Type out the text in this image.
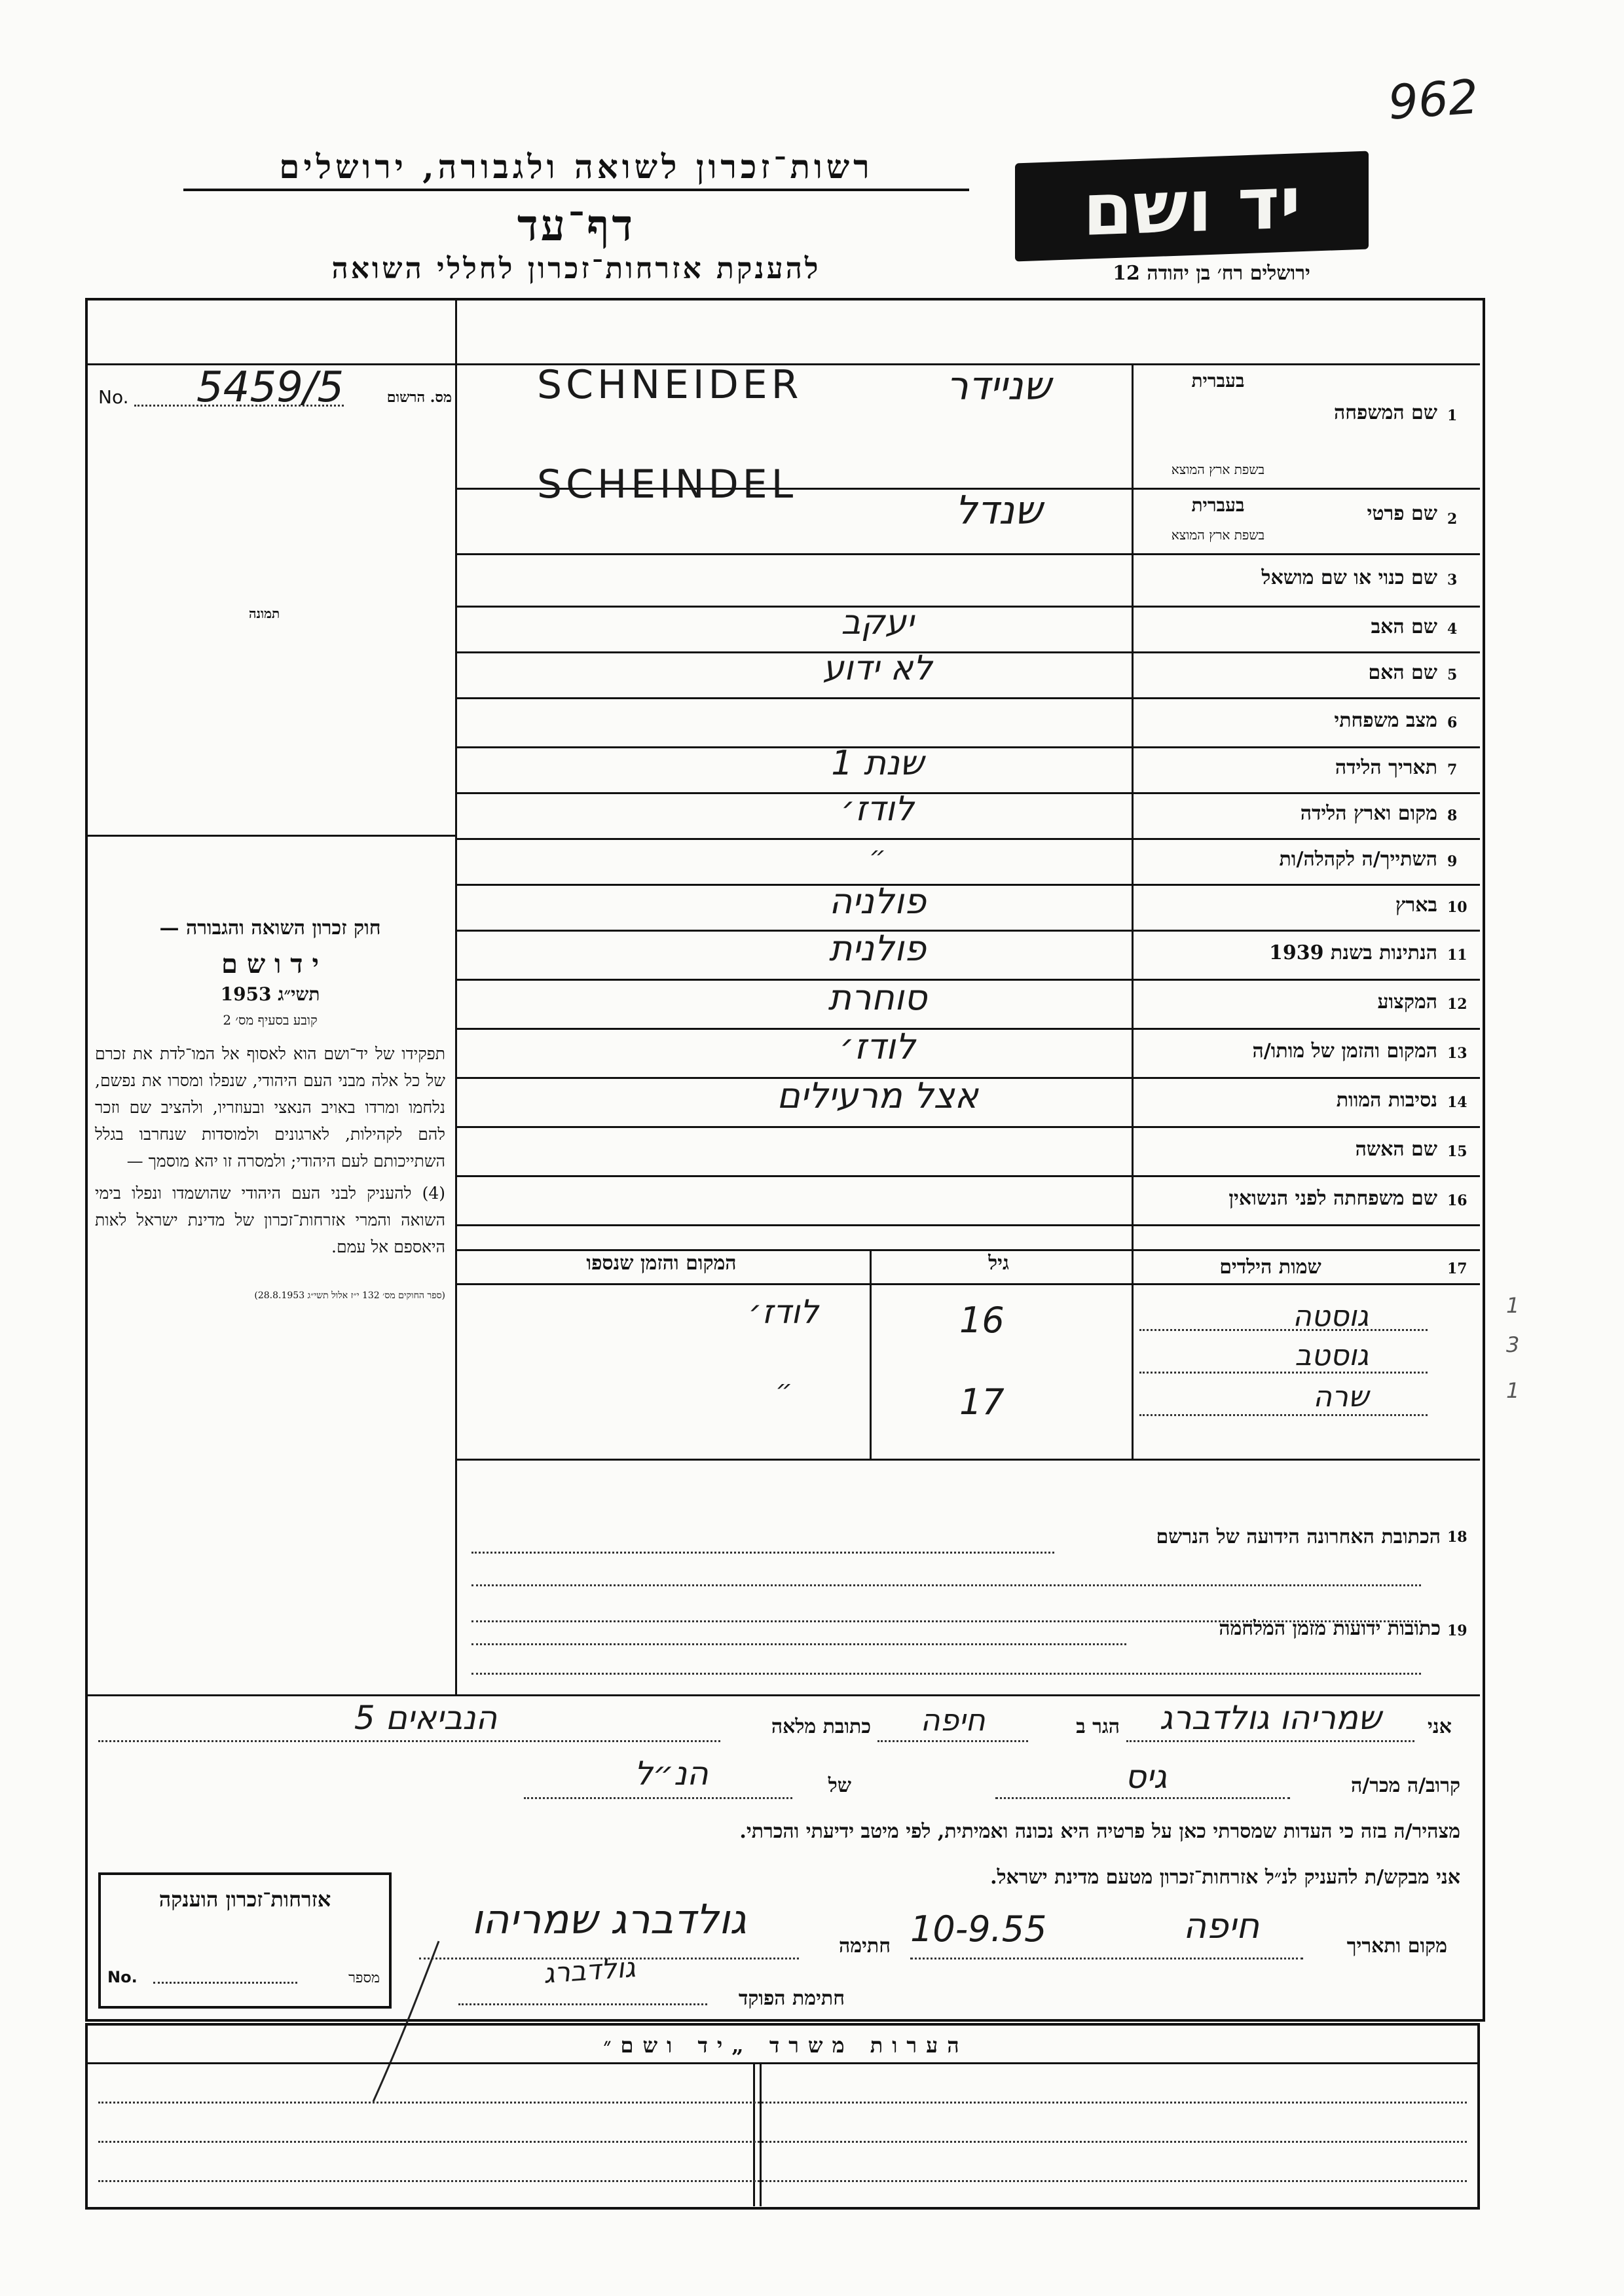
962
רשות־זכרון לשואה ולגבורה, ירושלים
דף־עד
להענקת אזרחות־זכרון לחללי השואה
יד ושם
ירושלים רח׳ בן יהודה 12
No. 5459/5	מס. הרשום
תמונה
חוק זכרון השואה והגבורה —
י ד ו ש ם
תשי״ג 1953
קובע בסעיף מס׳ 2
תפקידו של יד־ושם הוא לאסוף אל המו־לדת את זכרם של כל אלה מבני העם היהודי, שנפלו ומסרו את נפשם, נלחמו ומרדו באויב הנאצי ובעוזריו, ולהציב שם וזכר להם לקהילות, לארגונים ולמוסדות שנחרבו בגלל השתייכותם לעם היהודי; ולמסרה זו יהא מוסמך —
(4) להעניק לבני העם היהודי שהושמדו ונפלו בימי השואה והמרי אזרחות־זכרון של מדינת ישראל לאות היאספם אל עמם.
(ספר החוקים מס׳ 132 י״ז אלול תשי״ג 28.8.1953)
1
שם המשפחה
בעברית
בשפת ארץ המוצא
שניידר
SCHNEIDER
2
שם פרטי
בעברית
בשפת ארץ המוצא
שנדל
SCHEINDEL
3
שם כנוי או שם מושאל
4
שם האב
יעקב
5
שם האם
לא ידוע
6
מצב משפחתי
7
תאריך הלידה
שנת 1
8
מקום וארץ הלידה
לודז׳
9
השתייך/ה לקהלה/ות
״
10
בארץ
פולניה
11
הנתינות בשנת 1939
פולנית
12
המקצוע
סוחרת
13
המקום והזמן של מותו/ה
לודז׳
14
נסיבות המוות
אצל מרעילים
15
שם האשה
16
שם משפחתה לפני הנשואין
17
שמות הילדים
גיל
המקום והזמן שנספו
גוסטה
גוסטב
שרה
16
17
לודז׳
״
הכתובת האחרונה הידועה של הנרשם 18
כתובות ידועות מזמן המלחמה 19
אני
שמריהו גולדברג
הגר ב
חיפה
כתובת מלאה
הנביאים 5
קרוב/ה מכר/ה
גיס
של
הנ״ל
מצהיר/ה בזה כי העדות שמסרתי כאן על פרטיה היא נכונה ואמיתית, לפי מיטב ידיעתי והכרתי.
אני מבקש/ת להעניק לנ״ל אזרחות־זכרון מטעם מדינת ישראל.
מקום ותאריך
חיפה
10-9.55
חתימה
גולדברג שמריהו
גולדברג
חתימת הפוקד
אזרחות־זכרון הוענקה
No.	מספר
הערות משרד „יד ושם״
1
3
1
